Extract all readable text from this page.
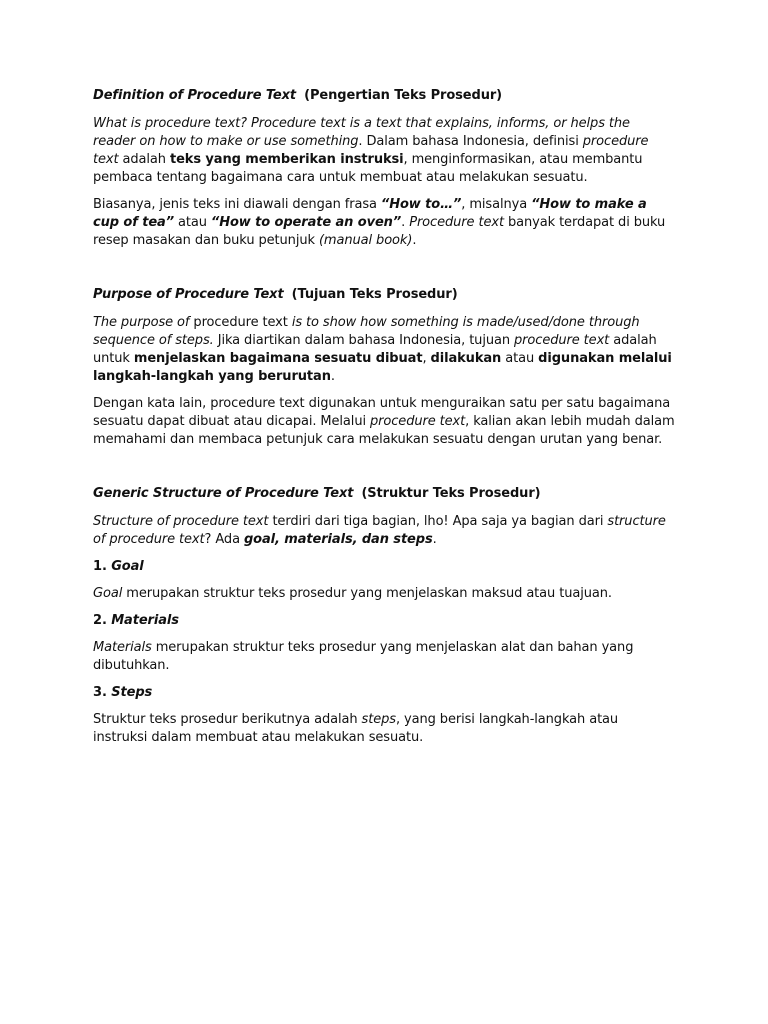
Definition of Procedure Text (Pengertian Teks Prosedur)

What is procedure text? Procedure text is a text that explains, informs, or helps the reader on how to make or use something. Dalam bahasa Indonesia, definisi procedure text adalah teks yang memberikan instruksi, menginformasikan, atau membantu pembaca tentang bagaimana cara untuk membuat atau melakukan sesuatu.

Biasanya, jenis teks ini diawali dengan frasa “How to…”, misalnya “How to make a cup of tea” atau “How to operate an oven”. Procedure text banyak terdapat di buku resep masakan dan buku petunjuk (manual book).

Purpose of Procedure Text (Tujuan Teks Prosedur)

The purpose of procedure text is to show how something is made/used/done through sequence of steps. Jika diartikan dalam bahasa Indonesia, tujuan procedure text adalah untuk menjelaskan bagaimana sesuatu dibuat, dilakukan atau digunakan melalui langkah-langkah yang berurutan.

Dengan kata lain, procedure text digunakan untuk menguraikan satu per satu bagaimana sesuatu dapat dibuat atau dicapai. Melalui procedure text, kalian akan lebih mudah dalam memahami dan membaca petunjuk cara melakukan sesuatu dengan urutan yang benar.

Generic Structure of Procedure Text (Struktur Teks Prosedur)

Structure of procedure text terdiri dari tiga bagian, lho! Apa saja ya bagian dari structure of procedure text? Ada goal, materials, dan steps.

1. Goal

Goal merupakan struktur teks prosedur yang menjelaskan maksud atau tuajuan.

2. Materials

Materials merupakan struktur teks prosedur yang menjelaskan alat dan bahan yang dibutuhkan.

3. Steps

Struktur teks prosedur berikutnya adalah steps, yang berisi langkah-langkah atau instruksi dalam membuat atau melakukan sesuatu.
